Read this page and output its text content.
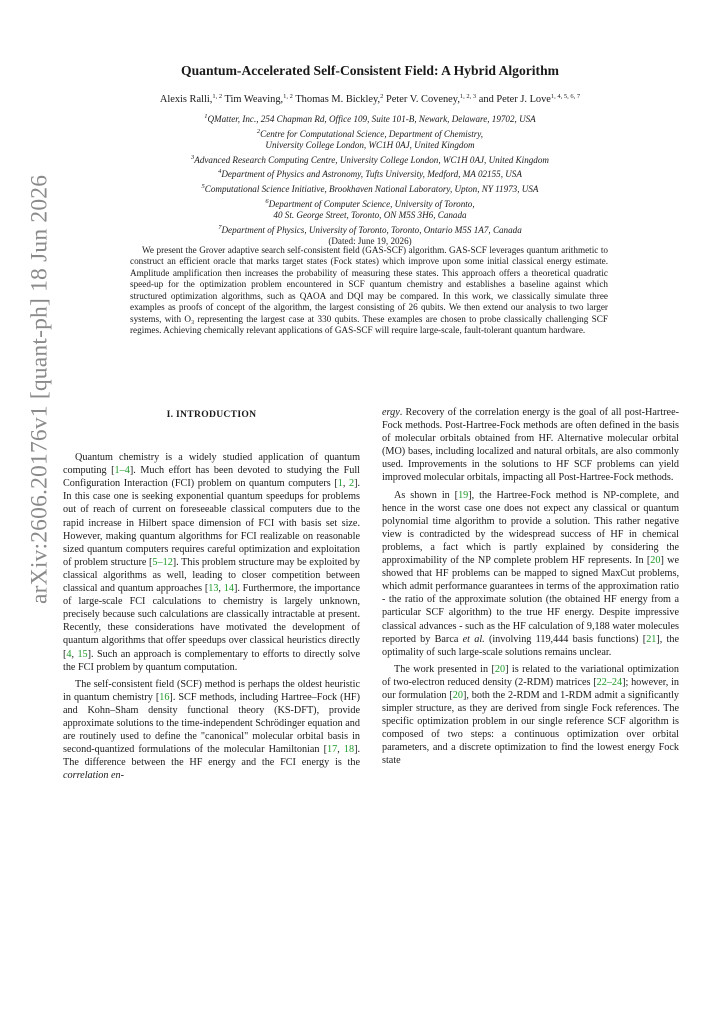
arXiv:2606.20176v1 [quant-ph] 18 Jun 2026
Quantum-Accelerated Self-Consistent Field: A Hybrid Algorithm
Alexis Ralli,$^{1, 2}$ Tim Weaving,$^{1, 2}$ Thomas M. Bickley,$^2$ Peter V. Coveney,$^{1, 2, 3}$ and Peter J. Love$^{1, 4, 5, 6, 7}$
$^1$QMatter, Inc., 254 Chapman Rd, Office 109, Suite 101-B, Newark, Delaware, 19702, USA
$^2$Centre for Computational Science, Department of Chemistry,
University College London, WC1H 0AJ, United Kingdom
$^3$Advanced Research Computing Centre, University College London, WC1H 0AJ, United Kingdom
$^4$Department of Physics and Astronomy, Tufts University, Medford, MA 02155, USA
$^5$Computational Science Initiative, Brookhaven National Laboratory, Upton, NY 11973, USA
$^6$Department of Computer Science, University of Toronto,
40 St. George Street, Toronto, ON M5S 3H6, Canada
$^7$Department of Physics, University of Toronto, Toronto, Ontario M5S 1A7, Canada
(Dated: June 19, 2026)
We present the Grover adaptive search self-consistent field (GAS-SCF) algorithm. GAS-SCF leverages quantum arithmetic to construct an efficient oracle that marks target states (Fock states) which improve upon some initial classical energy estimate. Amplitude amplification then increases the probability of measuring these states. This approach offers a theoretical quadratic speed-up for the optimization problem encountered in SCF quantum chemistry and establishes a baseline against which structured optimization algorithms, such as QAOA and DQI may be compared. In this work, we classically simulate three examples as proofs of concept of the algorithm, the largest consisting of 26 qubits. We then extend our analysis to two larger systems, with O₃ representing the largest case at 330 qubits. These examples are chosen to probe classically challenging SCF regimes. Achieving chemically relevant applications of GAS-SCF will require large-scale, fault-tolerant quantum hardware.
I. INTRODUCTION

Quantum chemistry is a widely studied application of quantum computing [1–4]. Much effort has been devoted to studying the Full Configuration Interaction (FCI) problem on quantum computers [1, 2]. In this case one is seeking exponential quantum speedups for problems out of reach of current on foreseeable classical computers due to the rapid increase in Hilbert space dimension of FCI with basis set size. However, making quantum algorithms for FCI realizable on reasonable sized quantum computers requires careful optimization and exploitation of problem structure [5–12]. This problem structure may be exploited by classical algorithms as well, leading to closer competition between classical and quantum approaches [13, 14]. Furthermore, the importance of large-scale FCI calculations to chemistry is largely unknown, precisely because such calculations are classically intractable at present. Recently, these considerations have motivated the development of quantum algorithms that offer speedups over classical heuristics directly [4, 15]. Such an approach is complementary to efforts to directly solve the FCI problem by quantum computation.

The self-consistent field (SCF) method is perhaps the oldest heuristic in quantum chemistry [16]. SCF methods, including Hartree–Fock (HF) and Kohn–Sham density functional theory (KS-DFT), provide approximate solutions to the time-independent Schrödinger equation and are routinely used to define the "canonical" molecular orbital basis in second-quantized formulations of the molecular Hamiltonian [17, 18]. The difference between the HF energy and the FCI energy is the correlation en-

ergy. Recovery of the correlation energy is the goal of all post-Hartree-Fock methods. Post-Hartree-Fock methods are often defined in the basis of molecular orbitals obtained from HF. Alternative molecular orbital (MO) bases, including localized and natural orbitals, are also commonly used. Improvements in the solutions to HF SCF problems can yield improved molecular orbitals, impacting all Post-Hartree-Fock methods.

As shown in [19], the Hartree-Fock method is NP-complete, and hence in the worst case one does not expect any classical or quantum polynomial time algorithm to provide a solution. This rather negative view is contradicted by the widespread success of HF in chemical problems, a fact which is partly explained by considering the approximability of the NP complete problem HF represents. In [20] we showed that HF problems can be mapped to signed MaxCut problems, which admit performance guarantees in terms of the approximation ratio - the ratio of the approximate solution (the obtained HF energy from a particular SCF algorithm) to the true HF energy. Despite impressive classical advances - such as the HF calculation of 9,188 water molecules reported by Barca et al. (involving 119,444 basis functions) [21], the optimality of such large-scale solutions remains unclear.

The work presented in [20] is related to the variational optimization of two-electron reduced density (2-RDM) matrices [22–24]; however, in our formulation [20], both the 2-RDM and 1-RDM admit a significantly simpler structure, as they are derived from single Fock references. The specific optimization problem in our single reference SCF algorithm is composed of two steps: a continuous optimization over orbital parameters, and a discrete optimization to find the lowest energy Fock state
